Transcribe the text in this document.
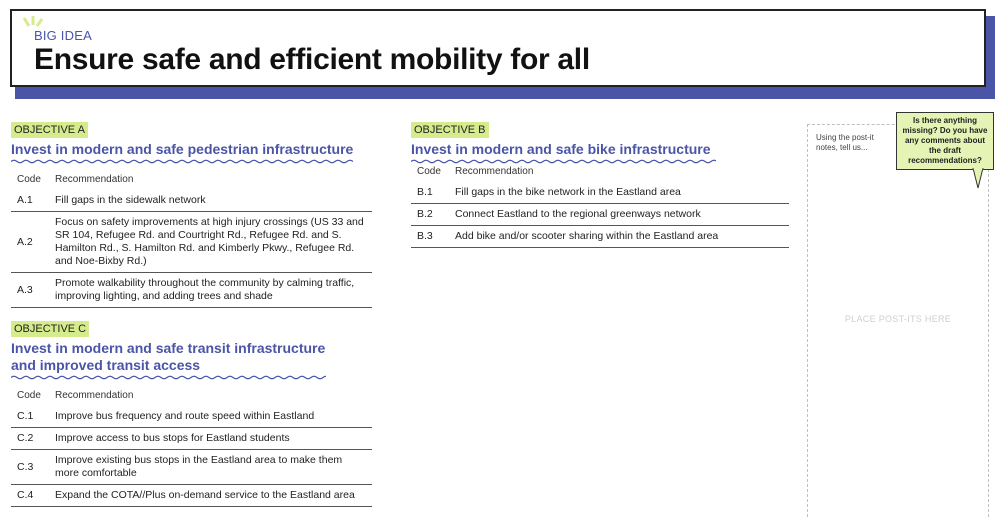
BIG IDEA
Ensure safe and efficient mobility for all
OBJECTIVE A
Invest in modern and safe pedestrian infrastructure
Code	Recommendation
A.1	Fill gaps in the sidewalk network
A.2	Focus on safety improvements at high injury crossings (US 33 and SR 104, Refugee Rd. and Courtright Rd., Refugee Rd. and S. Hamilton Rd., S. Hamilton Rd. and Kimberly Pkwy., Refugee Rd. and Noe-Bixby Rd.)
A.3	Promote walkability throughout the community by calming traffic, improving lighting, and adding trees and shade
OBJECTIVE B
Invest in modern and safe bike infrastructure
Code	Recommendation
B.1	Fill gaps in the bike network in the Eastland area
B.2	Connect Eastland to the regional greenways network
B.3	Add bike and/or scooter sharing within the Eastland area
OBJECTIVE C
Invest in modern and safe transit infrastructure
and improved transit access
Code	Recommendation
C.1	Improve bus frequency and route speed within Eastland
C.2	Improve access to bus stops for Eastland students
C.3	Improve existing bus stops in the Eastland area to make them more comfortable
C.4	Expand the COTA//Plus on-demand service to the Eastland area
Using the post-it notes, tell us...
PLACE POST-ITS HERE
Is there anything missing? Do you have any comments about the draft recommendations?
